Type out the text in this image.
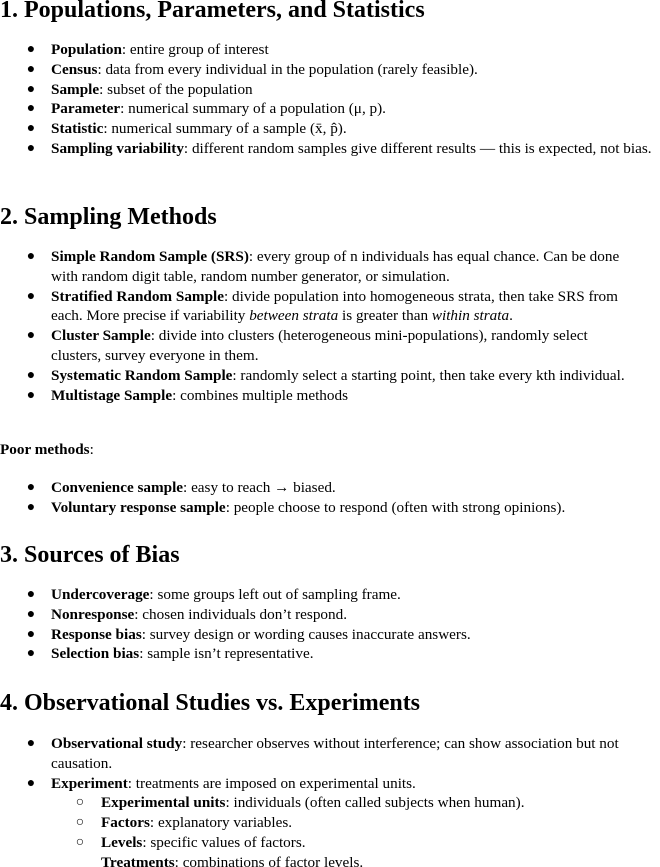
1. Populations, Parameters, and Statistics
● Population: entire group of interest
● Census: data from every individual in the population (rarely feasible).
● Sample: subset of the population
● Parameter: numerical summary of a population (μ, p).
● Statistic: numerical summary of a sample (x̄, p̂).
● Sampling variability: different random samples give different results — this is expected, not bias.
2. Sampling Methods
● Simple Random Sample (SRS): every group of n individuals has equal chance. Can be done with random digit table, random number generator, or simulation.
● Stratified Random Sample: divide population into homogeneous strata, then take SRS from each. More precise if variability between strata is greater than within strata.
● Cluster Sample: divide into clusters (heterogeneous mini-populations), randomly select clusters, survey everyone in them.
● Systematic Random Sample: randomly select a starting point, then take every kth individual.
● Multistage Sample: combines multiple methods

Poor methods:

● Convenience sample: easy to reach → biased.
● Voluntary response sample: people choose to respond (often with strong opinions).
3. Sources of Bias
● Undercoverage: some groups left out of sampling frame.
● Nonresponse: chosen individuals don’t respond.
● Response bias: survey design or wording causes inaccurate answers.
● Selection bias: sample isn’t representative.
4. Observational Studies vs. Experiments
● Observational study: researcher observes without interference; can show association but not causation.
● Experiment: treatments are imposed on experimental units.
○ Experimental units: individuals (often called subjects when human).
○ Factors: explanatory variables.
○ Levels: specific values of factors.
Treatments: combinations of factor levels.
